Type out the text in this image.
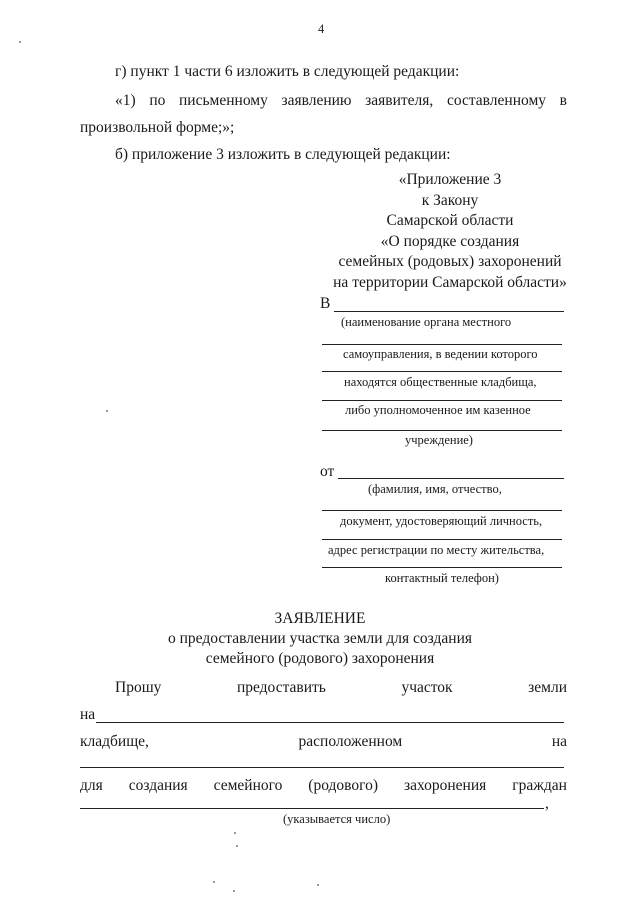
4
г) пункт 1 части 6 изложить в следующей редакции:
«1) по письменному заявлению заявителя, составленному в
произвольной форме;»;
б) приложение 3 изложить в следующей редакции:
«Приложение 3
к Закону
Самарской области
«О порядке создания
семейных (родовых) захоронений
на территории Самарской области»
В
(наименование органа местного
самоуправления, в ведении которого
находятся общественные кладбища,
либо уполномоченное им казенное
учреждение)
от
(фамилия, имя, отчество,
документ, удостоверяющий личность,
адрес регистрации по месту жительства,
контактный телефон)
ЗАЯВЛЕНИЕ
о предоставлении участка земли для создания
семейного (родового) захоронения
Прошу	предоставить	участок	земли
на
кладбище,	расположенном	на
для создания семейного (родового) захоронения граждан
,
(указывается число)
